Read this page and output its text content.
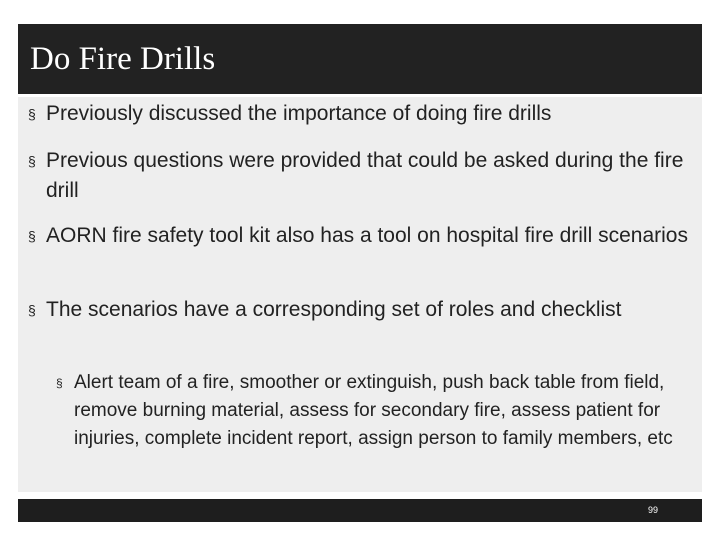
Do Fire Drills
§ Previously discussed the importance of doing fire drills
§ Previous questions were provided that could be asked during the fire drill
§ AORN fire safety tool kit also has a tool on hospital fire drill scenarios
§ The scenarios have a corresponding set of roles and checklist
§ Alert team of a fire, smoother or extinguish, push back table from field, remove burning material, assess for secondary fire, assess patient for injuries, complete incident report, assign person to family members, etc
99
